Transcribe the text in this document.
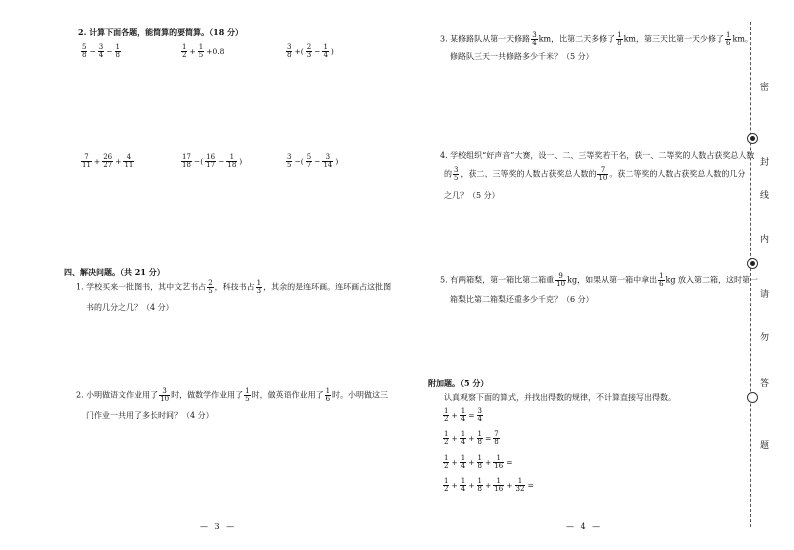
2. 计算下面各题，能简算的要简算。（18 分）
$\frac{5}{8} - \frac{3}{4} - \frac{1}{8}$	$\frac{1}{2} + \frac{1}{5} +0.8$	$\frac{3}{8}$ +( $\frac{2}{3} - \frac{1}{4}$ )
$\frac{7}{11} + \frac{26}{27} + \frac{4}{11}$	$\frac{17}{18}$ −( $\frac{16}{17} - \frac{1}{18}$ )	$\frac{3}{5}$ −( $\frac{5}{7} - \frac{3}{14}$ )
四、解决问题。（共 21 分）
1. 学校买来一批图书，其中文艺书占 $\frac{2}{5}$ ，科技书占 $\frac{1}{3}$ ，其余的是连环画。连环画占这批图
书的几分之几？（4 分）
2. 小明做语文作业用了 $\frac{3}{10}$ 时，做数学作业用了 $\frac{1}{5}$ 时，做英语作业用了 $\frac{1}{6}$ 时。小明做这三
门作业一共用了多长时间？（4 分）
— 3 —
3. 某修路队从第一天修路 $\frac{3}{4}$ km，比第二天多修了 $\frac{1}{8}$ km，第三天比第一天少修了 $\frac{1}{6}$ km。
修路队三天一共修路多少千米？（5 分）
4. 学校组织“好声音”大赛，设一、二、三等奖若干名，获一、二等奖的人数占获奖总人数
的 $\frac{3}{5}$ ，获二、三等奖的人数占获奖总人数的 $\frac{7}{10}$ 。获二等奖的人数占获奖总人数的几分
之几？（5 分）
5. 有两箱梨，第一箱比第二箱重 $\frac{9}{10}$ kg，如果从第一箱中拿出 $\frac{1}{6}$ kg 放入第二箱，这时第一
箱梨比第二箱梨还重多少千克？（6 分）
附加题。（5 分）
认真观察下面的算式，并找出得数的规律，不计算直接写出得数。
$\frac{1}{2} + \frac{1}{4} = \frac{3}{4}$
$\frac{1}{2} + \frac{1}{4} + \frac{1}{8} = \frac{7}{8}$
$\frac{1}{2} + \frac{1}{4} + \frac{1}{8} + \frac{1}{16}$ =
$\frac{1}{2} + \frac{1}{4} + \frac{1}{8} + \frac{1}{16} + \frac{1}{32}$ =
— 4 —
密
封
线
内
请
勿
答
题
